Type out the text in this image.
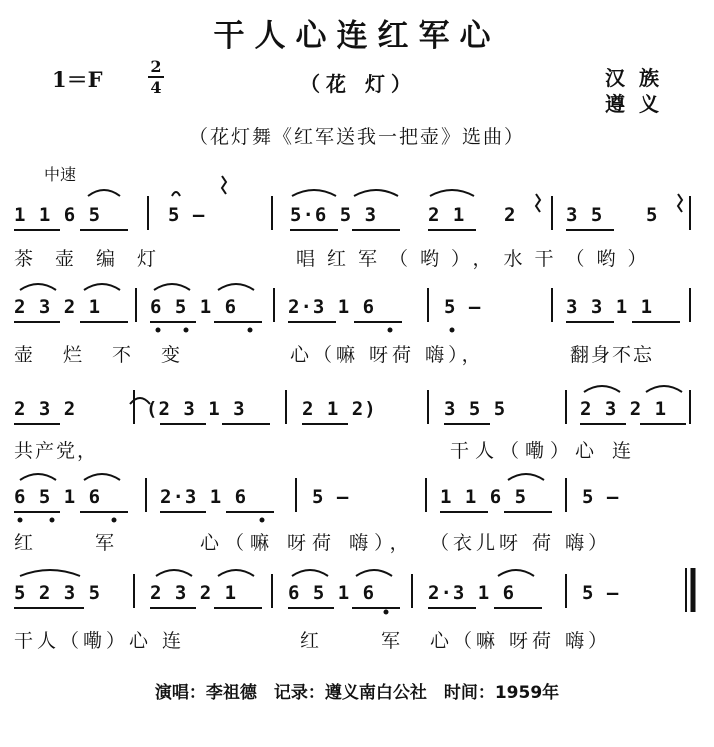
干人心连红军心
1＝F
2
4	（花 灯）	汉族
遵义
（花灯舞《红军送我一把壶》选曲）
中速
1 1 6 5	5 –	5·6 5 3	2 1 2	3 5 5
茶壶编灯	唱红军（哟），水干（哟）
2 3 2 1	6 5 1 6	2·3 1 6	5 –	3 3 1 1
壶烂不变	心（嘛 呀荷 嗨），	翻身不忘
2 3 2	(2 3 1 3	2 1 2)	3 5 5	2 3 2 1
共产党，	干人（嘞）心 连
6 5 1 6	2·3 1 6	5 –	1 1 6 5	5 –
红 军	心（嘛 呀荷 嗨）， （衣儿呀 荷 嗨）
5 2 3 5	2 3 2 1	6 5 1 6	2·3 1 6	5 –
干人（嘞）心 连	红 军 心（嘛 呀荷 嗨）
演唱：李祖德　记录：遵义南白公社　时间：1959年
